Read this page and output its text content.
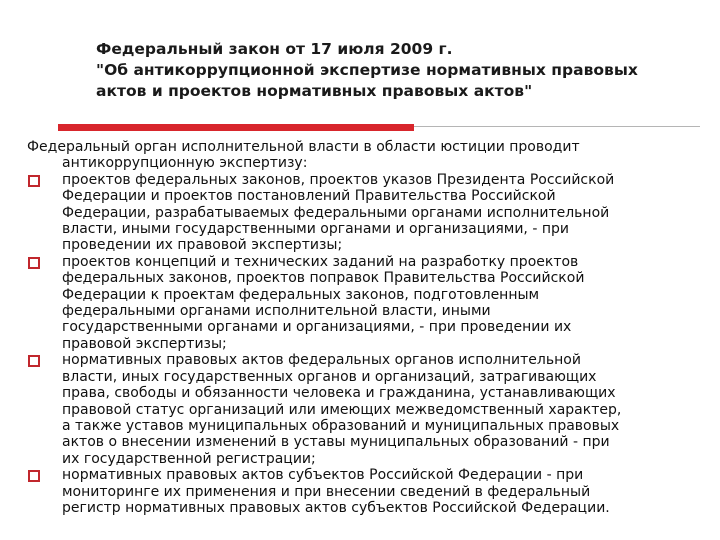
Федеральный закон от 17 июля 2009 г.
"Об антикоррупционной экспертизе нормативных правовых
актов и проектов нормативных правовых актов"
Федеральный орган исполнительной власти в области юстиции проводит
антикоррупционную экспертизу:
проектов федеральных законов, проектов указов Президента Российской
Федерации и проектов постановлений Правительства Российской
Федерации, разрабатываемых федеральными органами исполнительной
власти, иными государственными органами и организациями, - при
проведении их правовой экспертизы;
проектов концепций и технических заданий на разработку проектов
федеральных законов, проектов поправок Правительства Российской
Федерации к проектам федеральных законов, подготовленным
федеральными органами исполнительной власти, иными
государственными органами и организациями, - при проведении их
правовой экспертизы;
нормативных правовых актов федеральных органов исполнительной
власти, иных государственных органов и организаций, затрагивающих
права, свободы и обязанности человека и гражданина, устанавливающих
правовой статус организаций или имеющих межведомственный характер,
а также уставов муниципальных образований и муниципальных правовых
актов о внесении изменений в уставы муниципальных образований - при
их государственной регистрации;
нормативных правовых актов субъектов Российской Федерации - при
мониторинге их применения и при внесении сведений в федеральный
регистр нормативных правовых актов субъектов Российской Федерации.
